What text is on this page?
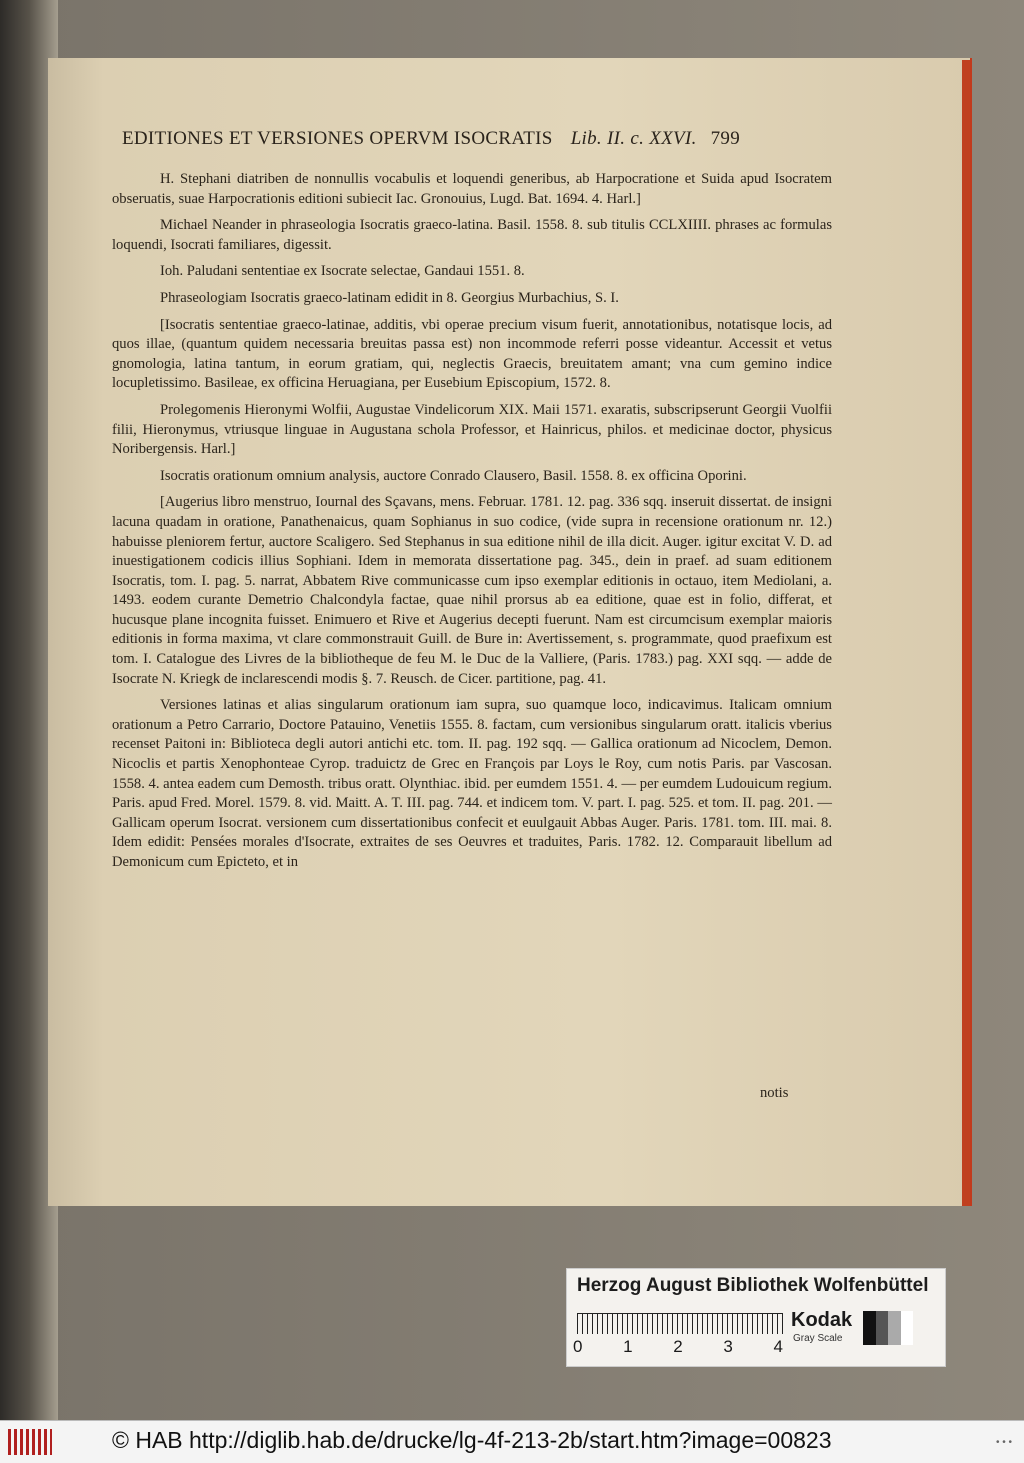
EDITIONES ET VERSIONES OPERVM ISOCRATIS Lib. II. c. XXVI. 799

H. Stephani diatriben de nonnullis vocabulis et loquendi generibus, ab Harpocratione et Suida apud Isocratem obseruatis, suae Harpocrationis editioni subiecit Iac. Gronouius, Lugd. Bat. 1694. 4. Harl.]

Michael Neander in phraseologia Isocratis graeco-latina. Basil. 1558. 8. sub titulis CCLXIIII. phrases ac formulas loquendi, Isocrati familiares, digessit.

Ioh. Paludani sententiae ex Isocrate selectae, Gandaui 1551. 8.

Phraseologiam Isocratis graeco-latinam edidit in 8. Georgius Murbachius, S. I.

[Isocratis sententiae graeco-latinae, additis, vbi operae precium visum fuerit, annotationibus, notatisque locis, ad quos illae, (quantum quidem necessaria breuitas passa est) non incommode referri posse videantur. Accessit et vetus gnomologia, latina tantum, in eorum gratiam, qui, neglectis Graecis, breuitatem amant; vna cum gemino indice locupletissimo. Basileae, ex officina Heruagiana, per Eusebium Episcopium, 1572. 8.

Prolegomenis Hieronymi Wolfii, Augustae Vindelicorum XIX. Maii 1571. exaratis, subscripserunt Georgii Vuolfii filii, Hieronymus, vtriusque linguae in Augustana schola Professor, et Hainricus, philos. et medicinae doctor, physicus Noribergensis. Harl.]

Isocratis orationum omnium analysis, auctore Conrado Clausero, Basil. 1558. 8. ex officina Oporini.

[Augerius libro menstruo, Iournal des Sçavans, mens. Februar. 1781. 12. pag. 336 sqq. inseruit dissertat. de insigni lacuna quadam in oratione, Panathenaicus, quam Sophianus in suo codice, (vide supra in recensione orationum nr. 12.) habuisse pleniorem fertur, auctore Scaligero. Sed Stephanus in sua editione nihil de illa dicit. Auger. igitur excitat V. D. ad inuestigationem codicis illius Sophiani. Idem in memorata dissertatione pag. 345., dein in praef. ad suam editionem Isocratis, tom. I. pag. 5. narrat, Abbatem Rive communicasse cum ipso exemplar editionis in octauo, item Mediolani, a. 1493. eodem curante Demetrio Chalcondyla factae, quae nihil prorsus ab ea editione, quae est in folio, differat, et hucusque plane incognita fuisset. Enimuero et Rive et Augerius decepti fuerunt. Nam est circumcisum exemplar maioris editionis in forma maxima, vt clare commonstrauit Guill. de Bure in: Avertissement, s. programmate, quod praefixum est tom. I. Catalogue des Livres de la bibliotheque de feu M. le Duc de la Valliere, (Paris. 1783.) pag. XXI sqq. — adde de Isocrate N. Kriegk de inclarescendi modis §. 7. Reusch. de Cicer. partitione, pag. 41.

Versiones latinas et alias singularum orationum iam supra, suo quamque loco, indicavimus. Italicam omnium orationum a Petro Carrario, Doctore Patauino, Venetiis 1555. 8. factam, cum versionibus singularum oratt. italicis vberius recenset Paitoni in: Biblioteca degli autori antichi etc. tom. II. pag. 192 sqq. — Gallica orationum ad Nicoclem, Demon. Nicoclis et partis Xenophonteae Cyrop. traduictz de Grec en François par Loys le Roy, cum notis Paris. par Vascosan. 1558. 4. antea eadem cum Demosth. tribus oratt. Olynthiac. ibid. per eumdem 1551. 4. — per eumdem Ludouicum regium. Paris. apud Fred. Morel. 1579. 8. vid. Maitt. A. T. III. pag. 744. et indicem tom. V. part. I. pag. 525. et tom. II. pag. 201. — Gallicam operum Isocrat. versionem cum dissertationibus confecit et euulgauit Abbas Auger. Paris. 1781. tom. III. mai. 8. Idem edidit: Pensées morales d'Isocrate, extraites de ses Oeuvres et traduites, Paris. 1782. 12. Comparauit libellum ad Demonicum cum Epicteto, et in

notis
Herzog August Bibliothek Wolfenbüttel
0 1 2 3 4
Kodak
Gray Scale
© HAB http://diglib.hab.de/drucke/lg-4f-213-2b/start.htm?image=00823	• • •
